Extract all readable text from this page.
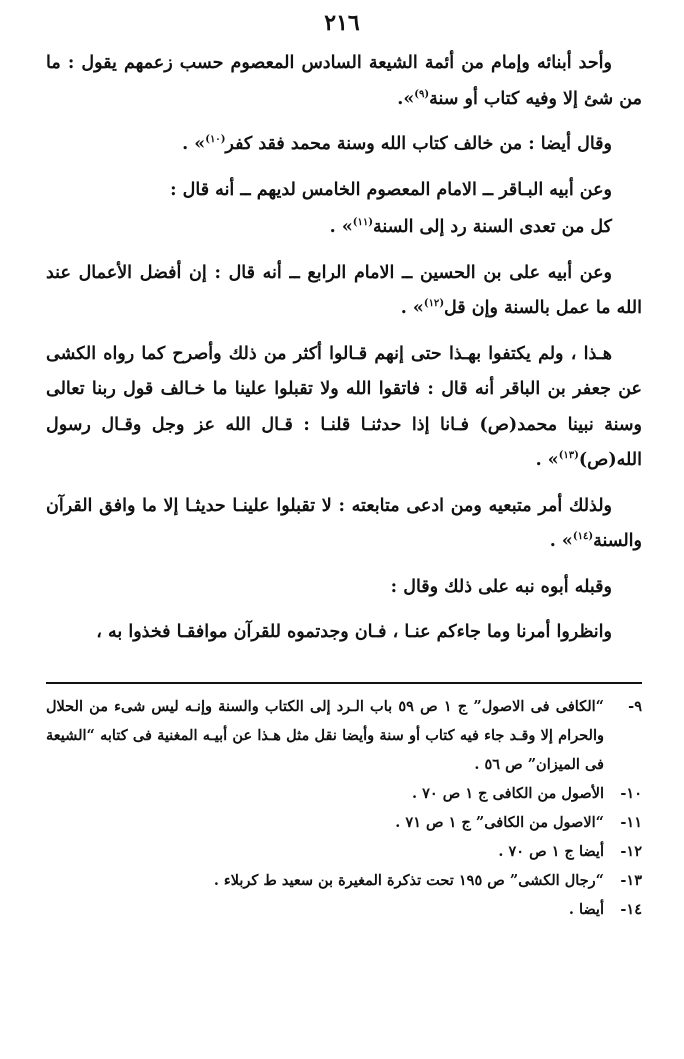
٢١٦

وأحد أبنائه وإمام من أئمة الشيعة السادس المعصوم حسب زعمهم يقول : ما من شئ إلا وفيه كتاب أو سنة$^{(٩)}$».

وقال أيضا : من خالف كتاب الله وسنة محمد فقد كفر$^{(١٠)}$» .

وعن أبيه البـاقر ــ الامام المعصوم الخامس لديهم ــ أنه قال :

كل من تعدى السنة رد إلى السنة$^{(١١)}$» .

وعن أبيه على بن الحسين ــ الامام الرابع ــ أنه قال : إن أفضل الأعمال عند الله ما عمل بالسنة وإن قل$^{(١٢)}$» .

هـذا ، ولم يكتفوا بهـذا حتى إنهم قـالوا أكثر من ذلك وأصرح كما رواه الكشى عن جعفر بن الباقر أنه قال : فاتقوا الله ولا تقبلوا علينا ما خـالف قول ربنا تعالى وسنة نبينا محمد(ص) فـانا إذا حدثنـا قلنـا : قـال الله عز وجل وقـال رسول الله(ص)$^{(١٣)}$» .

ولذلك أمر متبعيه ومن ادعى متابعته : لا تقبلوا علينـا حديثـا إلا ما وافق القرآن والسنة$^{(١٤)}$» .

وقبله أبوه نبه على ذلك وقال :

وانظروا أمرنا وما جاءكم عنـا ، فـان وجدتموه للقرآن موافقـا فخذوا به ،

٩-
“الكافى فى الاصول” ج ١ ص ٥٩ باب الـرد إلى الكتاب والسنة وإنـه ليس شىء من الحلال والحرام إلا وقـد جاء فيه كتاب أو سنة وأيضا نقل مثل هـذا عن أبيـه المغنية فى كتابه “الشيعة فى الميزان” ص ٥٦ .
١٠-
الأصول من الكافى ج ١ ص ٧٠ .
١١-
“الاصول من الكافى” ج ١ ص ٧١ .
١٢-
أيضا ج ١ ص ٧٠ .
١٣-
“رجال الكشى” ص ١٩٥ تحت تذكرة المغيرة بن سعيد ط كربلاء .
١٤-
أيضا .
